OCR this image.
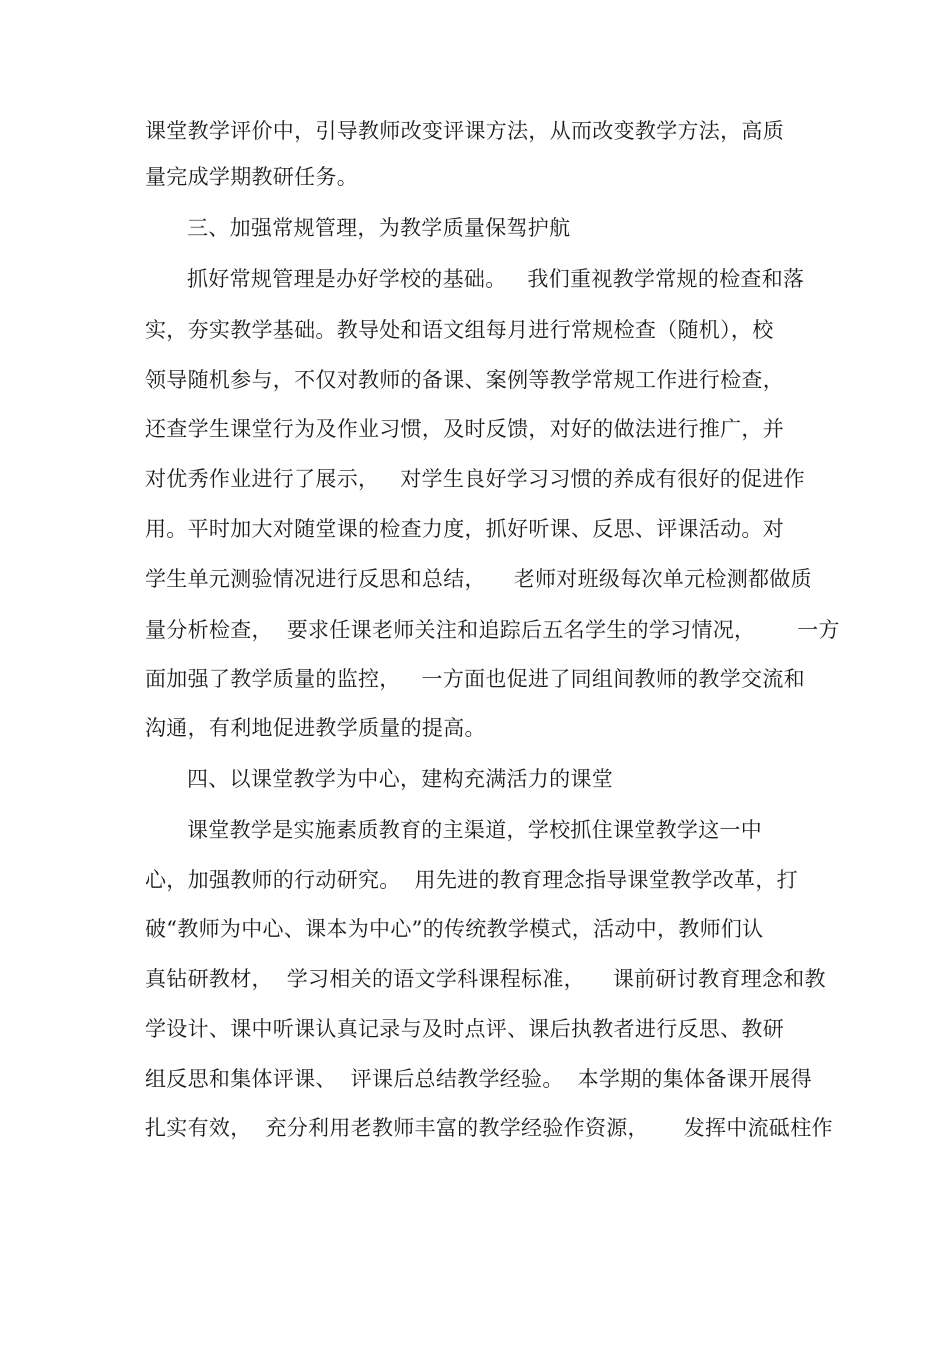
课堂教学评价中，引导教师改变评课方法，从而改变教学方法，高质
量完成学期教研任务。
三、加强常规管理，为教学质量保驾护航
抓好常规管理是办好学校的基础。   我们重视教学常规的检查和落
实，夯实教学基础。教导处和语文组每月进行常规检查（随机），校
领导随机参与，不仅对教师的备课、案例等教学常规工作进行检查，
还查学生课堂行为及作业习惯，及时反馈，对好的做法进行推广，并
对优秀作业进行了展示，   对学生良好学习习惯的养成有很好的促进作
用。平时加大对随堂课的检查力度，抓好听课、反思、评课活动。对
学生单元测验情况进行反思和总结，    老师对班级每次单元检测都做质
量分析检查，  要求任课老师关注和追踪后五名学生的学习情况，      一方
面加强了教学质量的监控，   一方面也促进了同组间教师的教学交流和
沟通，有利地促进教学质量的提高。
四、以课堂教学为中心，建构充满活力的课堂
课堂教学是实施素质教育的主渠道，学校抓住课堂教学这一中
心，加强教师的行动研究。  用先进的教育理念指导课堂教学改革，打
破“教师为中心、课本为中心”的传统教学模式，活动中，教师们认
真钻研教材，  学习相关的语文学科课程标准，    课前研讨教育理念和教
学设计、课中听课认真记录与及时点评、课后执教者进行反思、教研
组反思和集体评课、  评课后总结教学经验。  本学期的集体备课开展得
扎实有效，  充分利用老教师丰富的教学经验作资源，     发挥中流砥柱作
